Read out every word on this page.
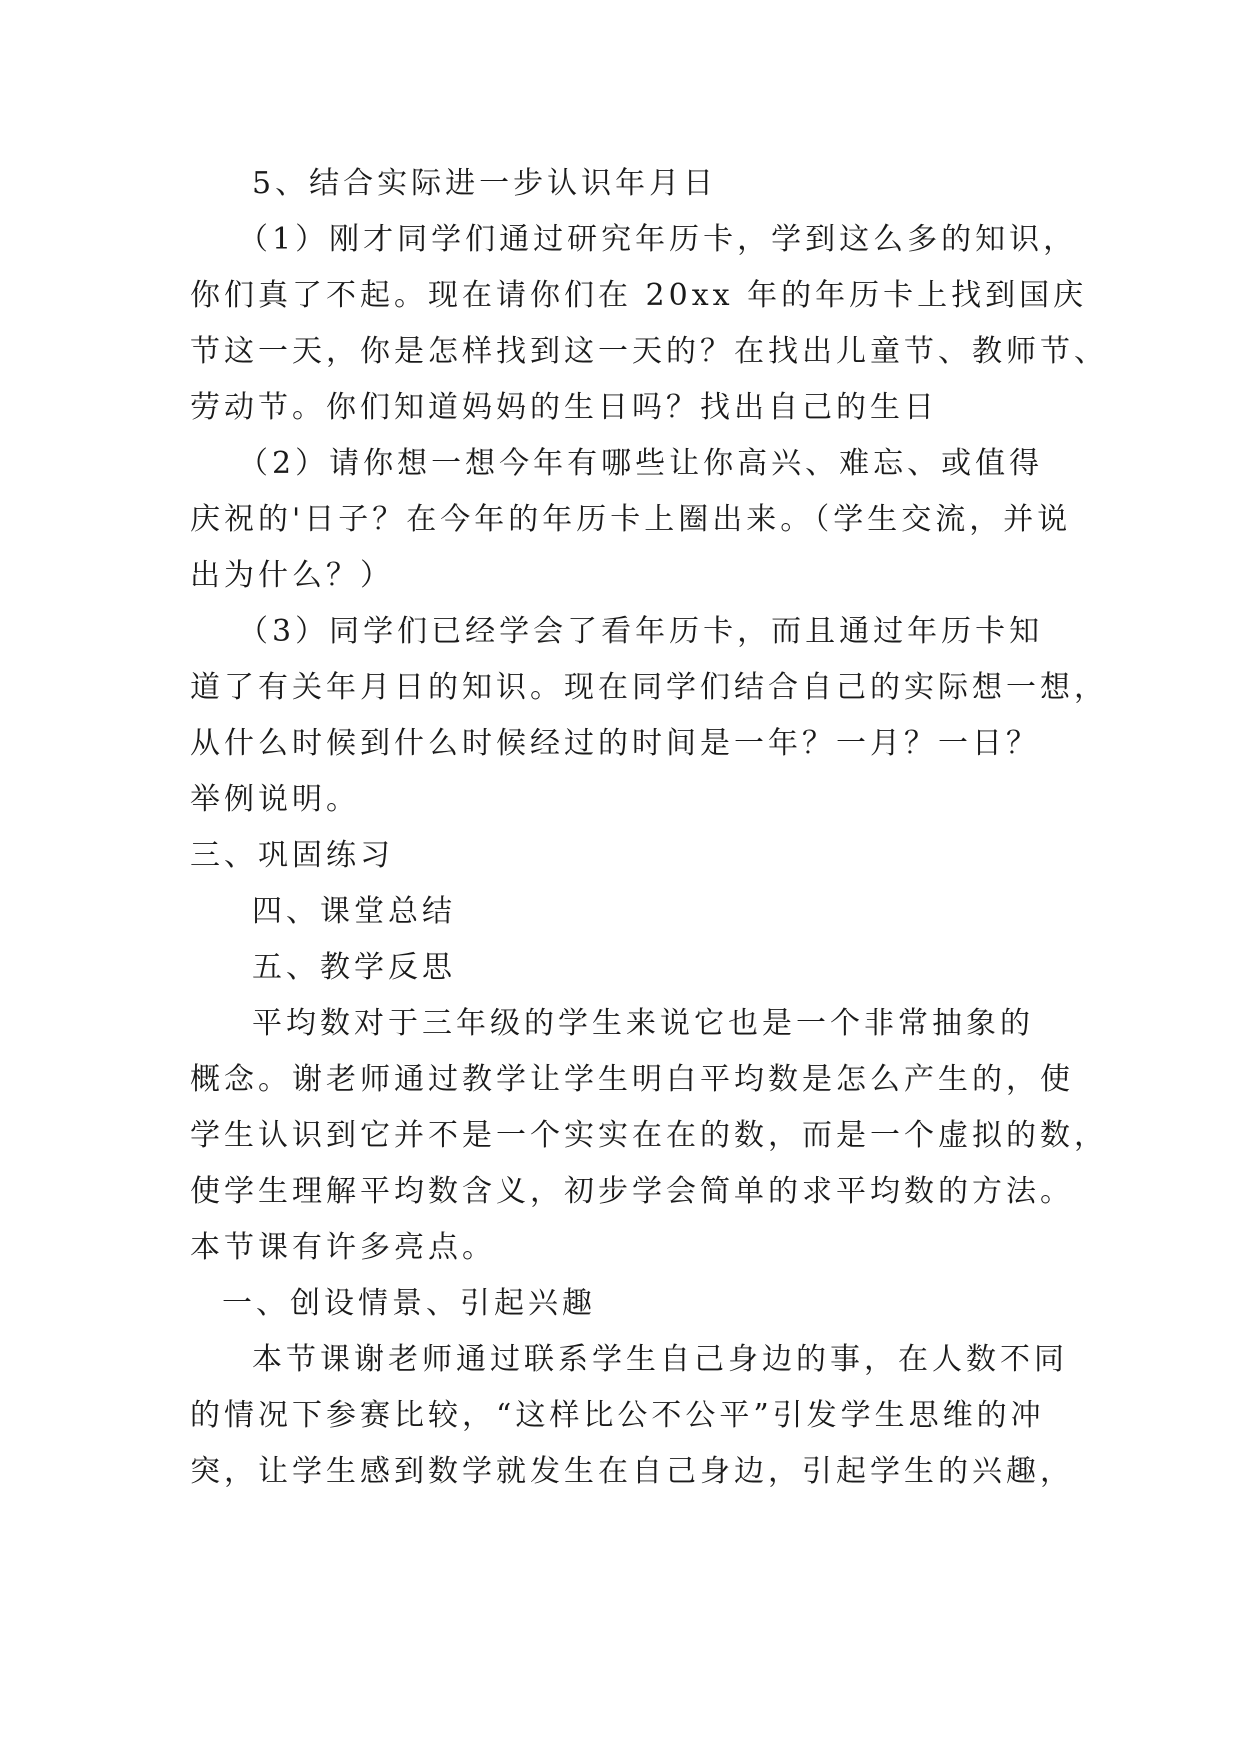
5、结合实际进一步认识年月日
（1）刚才同学们通过研究年历卡，学到这么多的知识，
你们真了不起。现在请你们在 20xx 年的年历卡上找到国庆
节这一天，你是怎样找到这一天的？在找出儿童节、教师节、
劳动节。你们知道妈妈的生日吗？找出自己的生日
（2）请你想一想今年有哪些让你高兴、难忘、或值得
庆祝的'日子？在今年的年历卡上圈出来。（学生交流，并说
出为什么？）
（3）同学们已经学会了看年历卡，而且通过年历卡知
道了有关年月日的知识。现在同学们结合自己的实际想一想，
从什么时候到什么时候经过的时间是一年？一月？一日？
举例说明。
三、巩固练习
四、课堂总结
五、教学反思
平均数对于三年级的学生来说它也是一个非常抽象的
概念。谢老师通过教学让学生明白平均数是怎么产生的，使
学生认识到它并不是一个实实在在的数，而是一个虚拟的数，
使学生理解平均数含义，初步学会简单的求平均数的方法。
本节课有许多亮点。
一、创设情景、引起兴趣
本节课谢老师通过联系学生自己身边的事，在人数不同
的情况下参赛比较，“这样比公不公平”引发学生思维的冲
突，让学生感到数学就发生在自己身边，引起学生的兴趣，
